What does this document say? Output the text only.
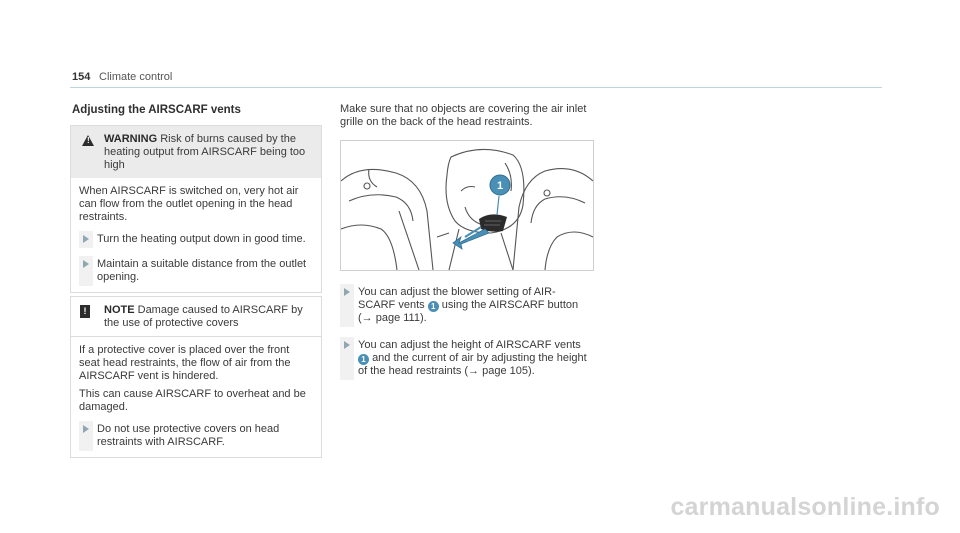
154 Climate control
Adjusting the AIRSCARF vents
! WARNING Risk of burns caused by the heating output from AIRSCARF being too high

When AIRSCARF is switched on, very hot air can flow from the outlet opening in the head restraints.

Turn the heating output down in good time.
Maintain a suitable distance from the outlet opening.
!	NOTE Damage caused to AIRSCARF by the use of protective covers

If a protective cover is placed over the front seat head restraints, the flow of air from the AIRSCARF vent is hindered.

This can cause AIRSCARF to overheat and be damaged.

Do not use protective covers on head restraints with AIRSCARF.
Make sure that no objects are covering the air inlet grille on the back of the head restraints.
1
You can adjust the blower setting of AIR-SCARF vents 1 using the AIRSCARF button (→ page 111).
You can adjust the height of AIRSCARF vents 1 and the current of air by adjusting the height of the head restraints (→ page 105).
carmanualsonline.info
